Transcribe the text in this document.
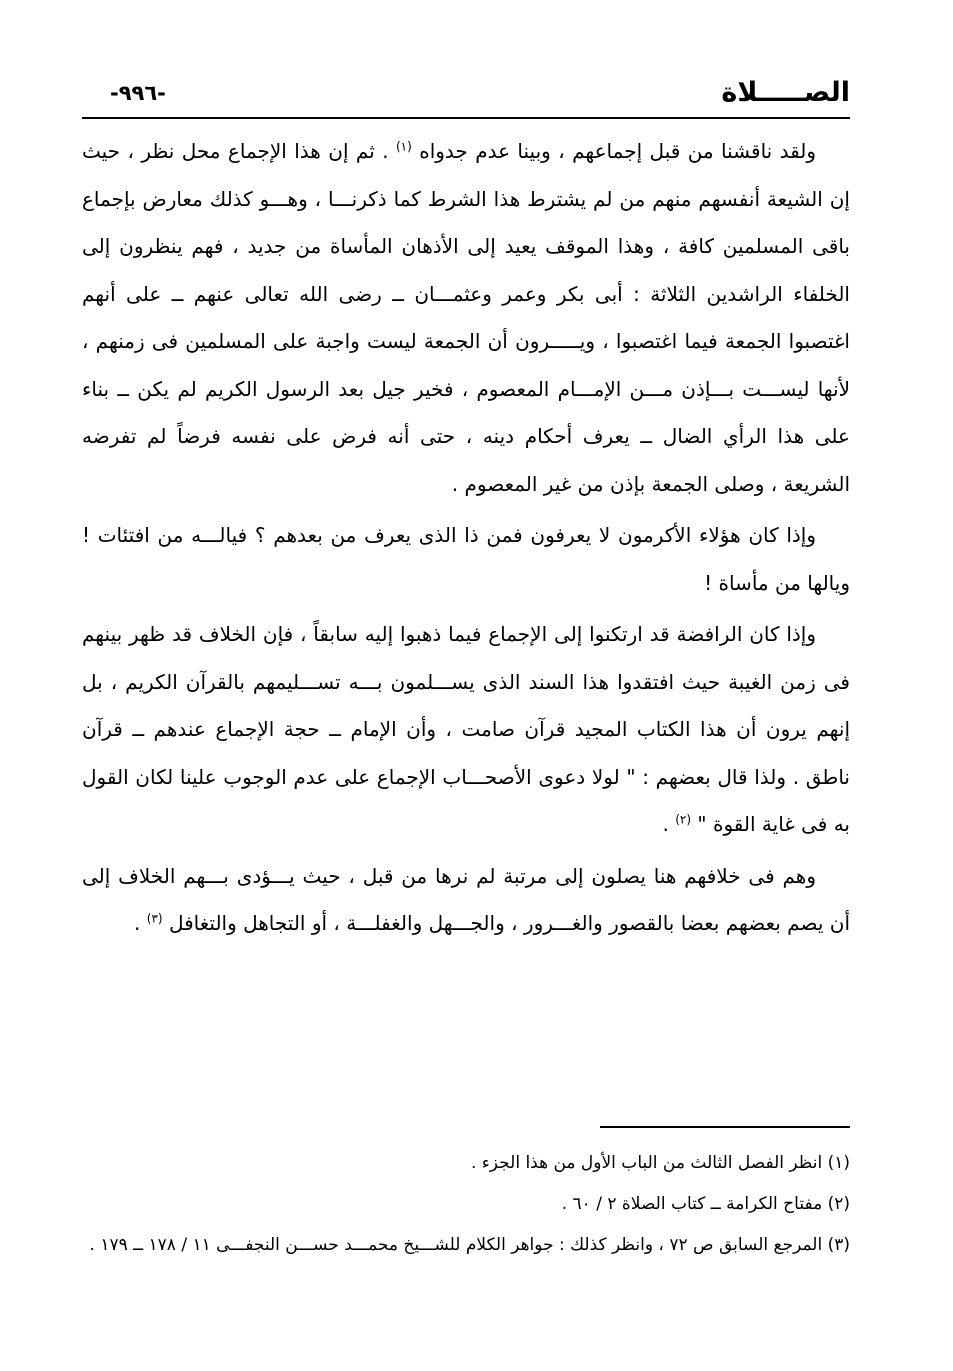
الصـــــلاة
-٩٩٦-

ولقد ناقشنا من قبل إجماعهم ، وبينا عدم جدواه $^{(١)}$ . ثم إن هذا الإجماع محل نظر ، حيث إن الشيعة أنفسهم منهم من لم يشترط هذا الشرط كما ذكرنـــا ، وهـــو كذلك معارض بإجماع باقى المسلمين كافة ، وهذا الموقف يعيد إلى الأذهان المأساة من جديد ، فهم ينظرون إلى الخلفاء الراشدين الثلاثة : أبى بكر وعمر وعثمـــان ــ رضى الله تعالى عنهم ــ على أنهم اغتصبوا الجمعة فيما اغتصبوا ، ويـــــرون أن الجمعة ليست واجبة على المسلمين فى زمنهم ، لأنها ليســـت بـــإذن مـــن الإمـــام المعصوم ، فخير جيل بعد الرسول الكريم لم يكن ــ بناء على هذا الرأي الضال ــ يعرف أحكام دينه ، حتى أنه فرض على نفسه فرضاً لم تفرضه الشريعة ، وصلى الجمعة بإذن من غير المعصوم .

وإذا كان هؤلاء الأكرمون لا يعرفون فمن ذا الذى يعرف من بعدهم ؟ فيالـــه من افتئات ! ويالها من مأساة !

وإذا كان الرافضة قد ارتكنوا إلى الإجماع فيما ذهبوا إليه سابقاً ، فإن الخلاف قد ظهر بينهم فى زمن الغيبة حيث افتقدوا هذا السند الذى يســـلمون بـــه تســـليمهم بالقرآن الكريم ، بل إنهم يرون أن هذا الكتاب المجيد قرآن صامت ، وأن الإمام ــ حجة الإجماع عندهم ــ قرآن ناطق . ولذا قال بعضهم : " لولا دعوى الأصحـــاب الإجماع على عدم الوجوب علينا لكان القول به فى غاية القوة " $^{(٢)}$ .

وهم فى خلافهم هنا يصلون إلى مرتبة لم نرها من قبل ، حيث يـــؤدى بـــهم الخلاف إلى أن يصم بعضهم بعضا بالقصور والغـــرور ، والجـــهل والغفلـــة ، أو التجاهل والتغافل $^{(٣)}$ .

(١) انظر الفصل الثالث من الباب الأول من هذا الجزء .

(٢) مفتاح الكرامة ــ كتاب الصلاة ٢ / ٦٠ .

(٣) المرجع السابق ص ٧٢ ، وانظر كذلك : جواهر الكلام للشـــيخ محمـــد حســـن النجفـــى ١١ / ١٧٨ ــ ١٧٩ .
